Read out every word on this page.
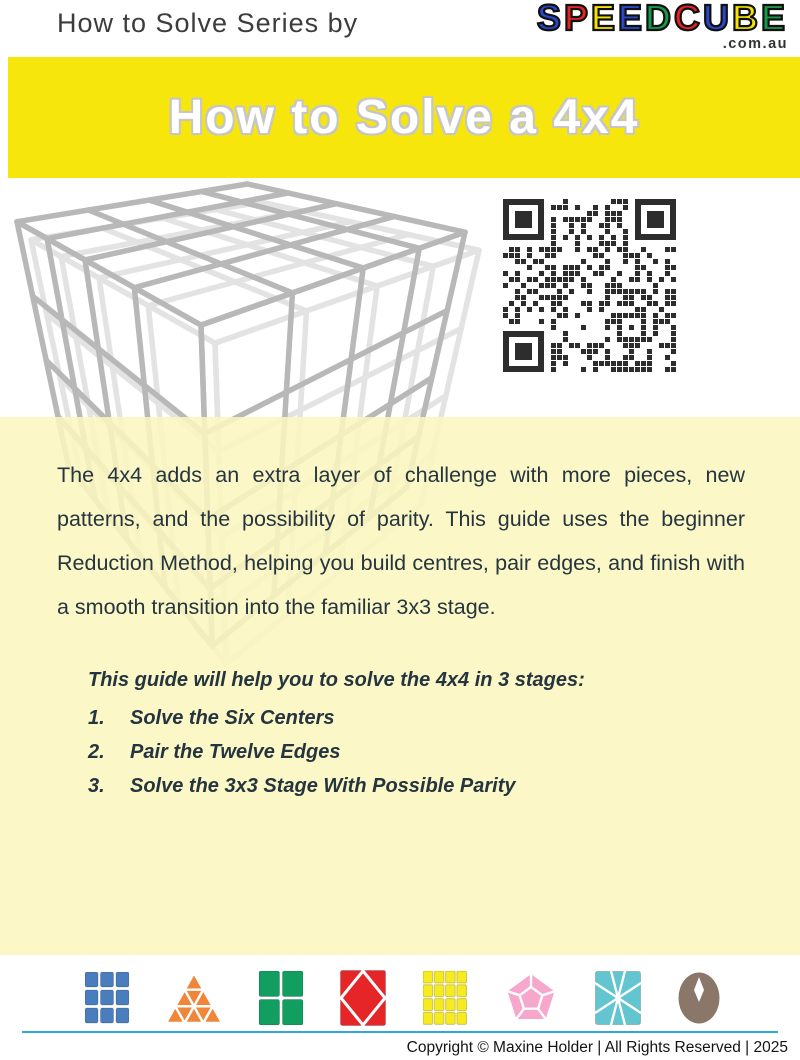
How to Solve Series by	SPEEDCUBE
.com.au
How to Solve a 4x4

The 4x4 adds an extra layer of challenge with more pieces, new patterns, and the possibility of parity. This guide uses the beginner Reduction Method, helping you build centres, pair edges, and finish with a smooth transition into the familiar 3x3 stage.

This guide will help you to solve the 4x4 in 3 stages:
1.	Solve the Six Centers
2.	Pair the Twelve Edges
3.	Solve the 3x3 Stage With Possible Parity
Copyright © Maxine Holder | All Rights Reserved | 2025
